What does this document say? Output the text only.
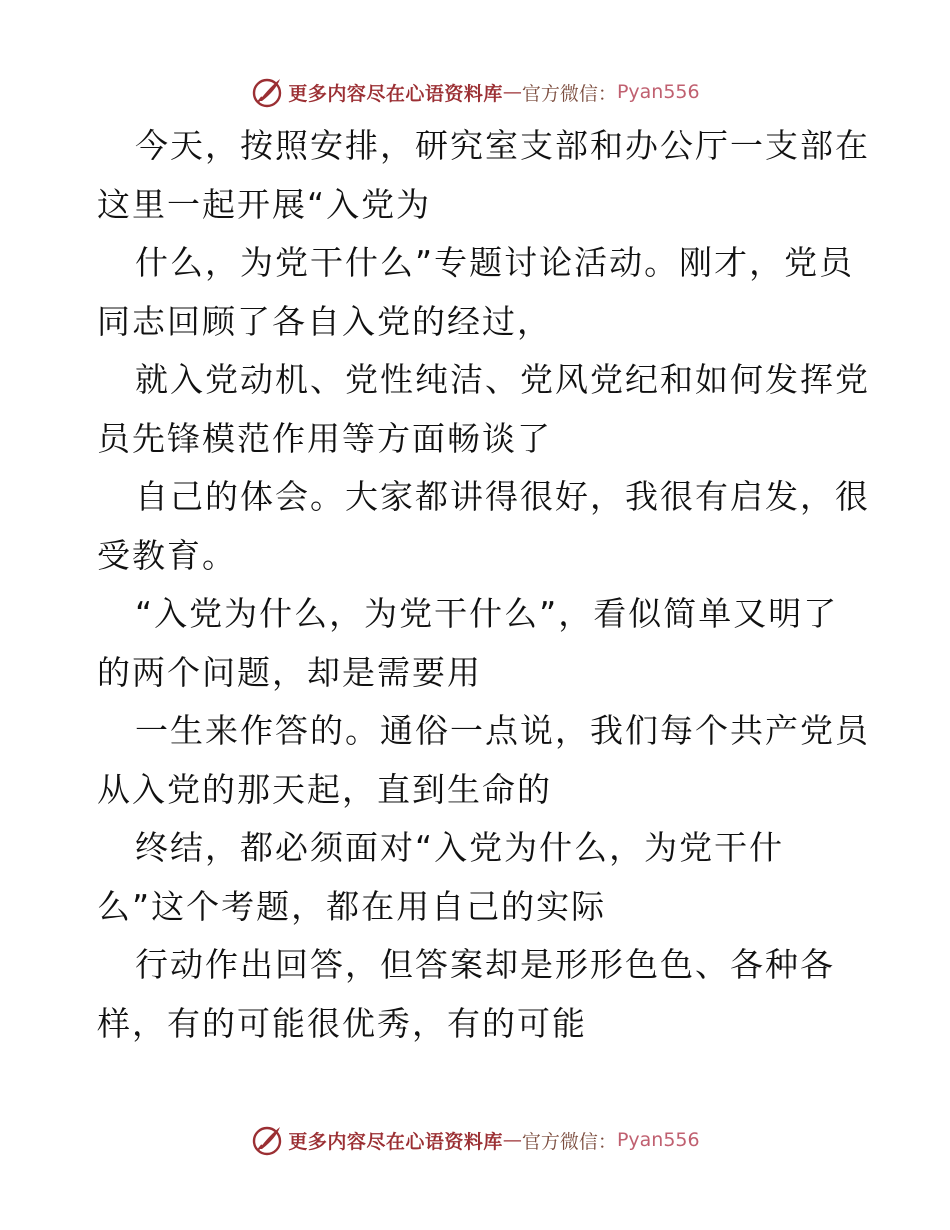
更多内容尽在心语资料库 — 官方微信： Pyan556
今天，按照安排，研究室支部和办公厅一支部在
这里一起开展“入党为
什么，为党干什么”专题讨论活动。刚才，党员
同志回顾了各自入党的经过，
就入党动机、党性纯洁、党风党纪和如何发挥党
员先锋模范作用等方面畅谈了
自己的体会。大家都讲得很好，我很有启发，很
受教育。
“入党为什么，为党干什么”，看似简单又明了
的两个问题，却是需要用
一生来作答的。通俗一点说，我们每个共产党员
从入党的那天起，直到生命的
终结，都必须面对“入党为什么，为党干什
么”这个考题，都在用自己的实际
行动作出回答，但答案却是形形色色、各种各
样，有的可能很优秀，有的可能
更多内容尽在心语资料库 — 官方微信： Pyan556
